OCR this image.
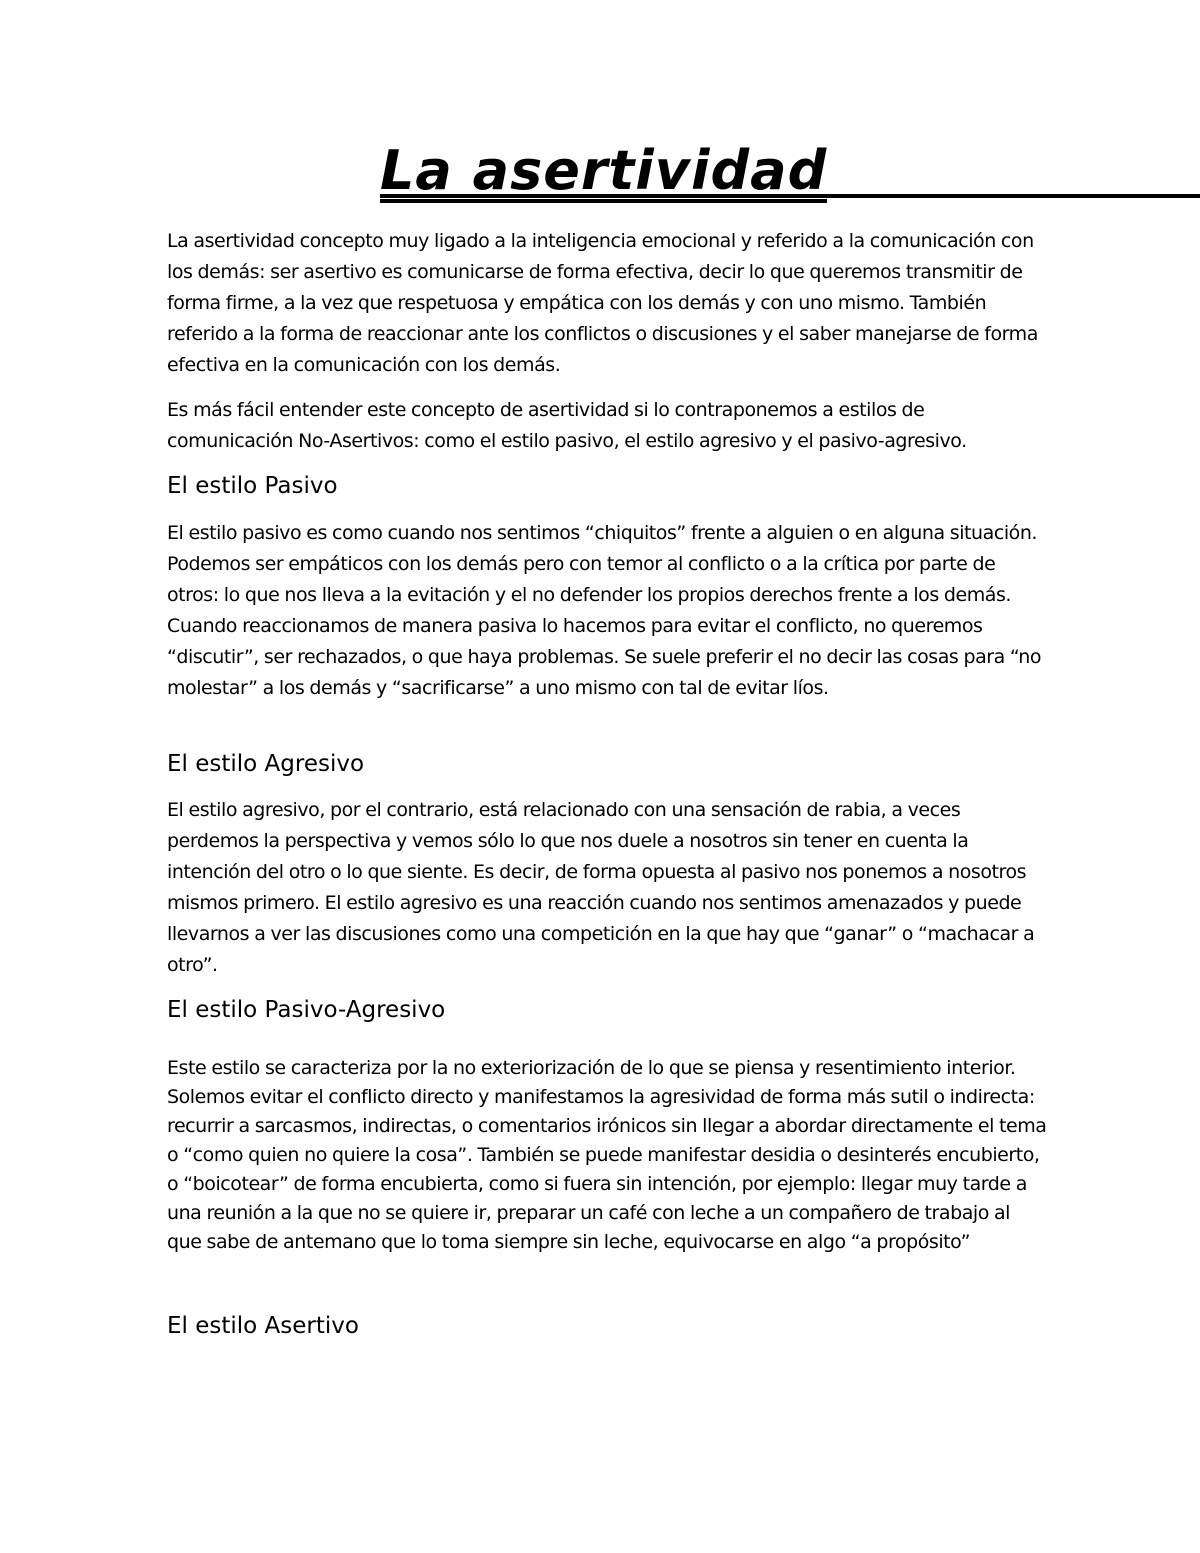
La asertividad

La asertividad concepto muy ligado a la inteligencia emocional y referido a la comunicación con los demás: ser asertivo es comunicarse de forma efectiva, decir lo que queremos transmitir de forma firme, a la vez que respetuosa y empática con los demás y con uno mismo. También referido a la forma de reaccionar ante los conflictos o discusiones y el saber manejarse de forma efectiva en la comunicación con los demás.

Es más fácil entender este concepto de asertividad si lo contraponemos a estilos de comunicación No-Asertivos: como el estilo pasivo, el estilo agresivo y el pasivo-agresivo.

El estilo Pasivo

El estilo pasivo es como cuando nos sentimos “chiquitos” frente a alguien o en alguna situación. Podemos ser empáticos con los demás pero con temor al conflicto o a la crítica por parte de otros: lo que nos lleva a la evitación y el no defender los propios derechos frente a los demás. Cuando reaccionamos de manera pasiva lo hacemos para evitar el conflicto, no queremos “discutir”, ser rechazados, o que haya problemas. Se suele preferir el no decir las cosas para “no molestar” a los demás y “sacrificarse” a uno mismo con tal de evitar líos.

El estilo Agresivo

El estilo agresivo, por el contrario, está relacionado con una sensación de rabia, a veces perdemos la perspectiva y vemos sólo lo que nos duele a nosotros sin tener en cuenta la intención del otro o lo que siente. Es decir, de forma opuesta al pasivo nos ponemos a nosotros mismos primero. El estilo agresivo es una reacción cuando nos sentimos amenazados y puede llevarnos a ver las discusiones como una competición en la que hay que “ganar” o “machacar a otro”.

El estilo Pasivo-Agresivo

Este estilo se caracteriza por la no exteriorización de lo que se piensa y resentimiento interior. Solemos evitar el conflicto directo y manifestamos la agresividad de forma más sutil o indirecta: recurrir a sarcasmos, indirectas, o comentarios irónicos sin llegar a abordar directamente el tema o “como quien no quiere la cosa”. También se puede manifestar desidia o desinterés encubierto, o “boicotear” de forma encubierta, como si fuera sin intención, por ejemplo: llegar muy tarde a una reunión a la que no se quiere ir, preparar un café con leche a un compañero de trabajo al que sabe de antemano que lo toma siempre sin leche, equivocarse en algo “a propósito”

El estilo Asertivo
